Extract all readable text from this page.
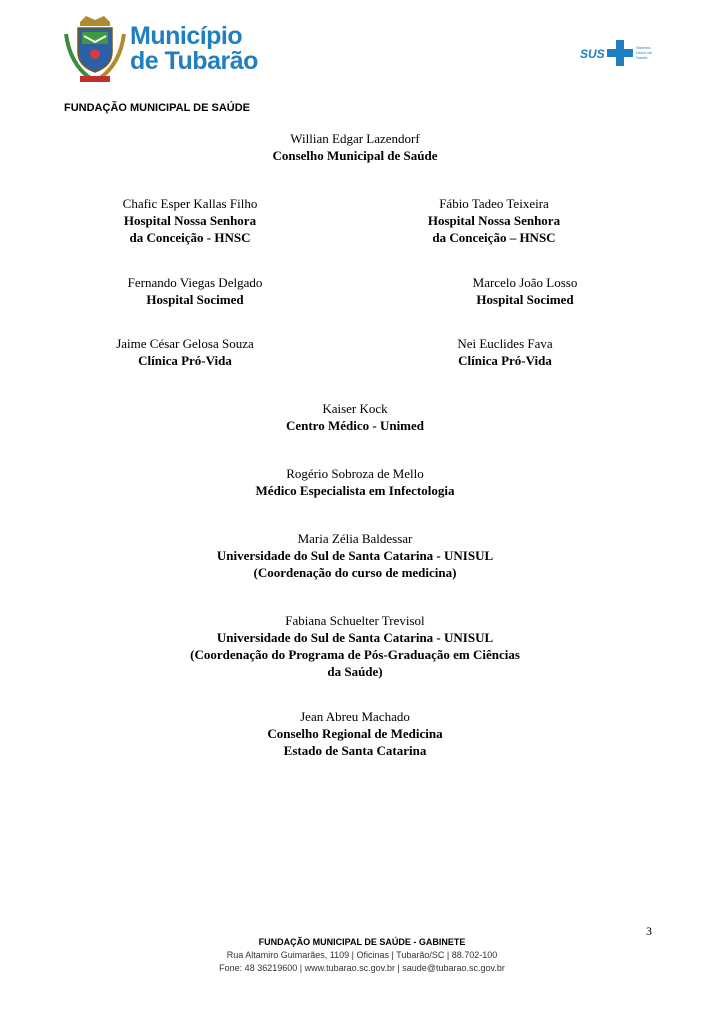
Município
de Tubarão	SUS	Sistema Único de Saúde
FUNDAÇÃO MUNICIPAL DE SAÚDE
Willian Edgar Lazendorf
Conselho Municipal de Saúde
Chafic Esper Kallas Filho
Hospital Nossa Senhora
da Conceição - HNSC
Fábio Tadeo Teixeira
Hospital Nossa Senhora
da Conceição – HNSC
Fernando Viegas Delgado
Hospital Socimed
Marcelo João Losso
Hospital Socimed
Jaime César Gelosa Souza
Clínica Pró-Vida
Nei Euclides Fava
Clínica Pró-Vida
Kaiser Kock
Centro Médico - Unimed
Rogério Sobroza de Mello
Médico Especialista em Infectologia
Maria Zélia Baldessar
Universidade do Sul de Santa Catarina - UNISUL
(Coordenação do curso de medicina)
Fabiana Schuelter Trevisol
Universidade do Sul de Santa Catarina - UNISUL
(Coordenação do Programa de Pós-Graduação em Ciências
da Saúde)
Jean Abreu Machado
Conselho Regional de Medicina
Estado de Santa Catarina
3
FUNDAÇÃO MUNICIPAL DE SAÚDE - GABINETE
Rua Altamiro Guimarães, 1109 | Oficinas | Tubarão/SC | 88.702-100
Fone: 48 36219600 | www.tubarao.sc.gov.br | saude@tubarao.sc.gov.br
